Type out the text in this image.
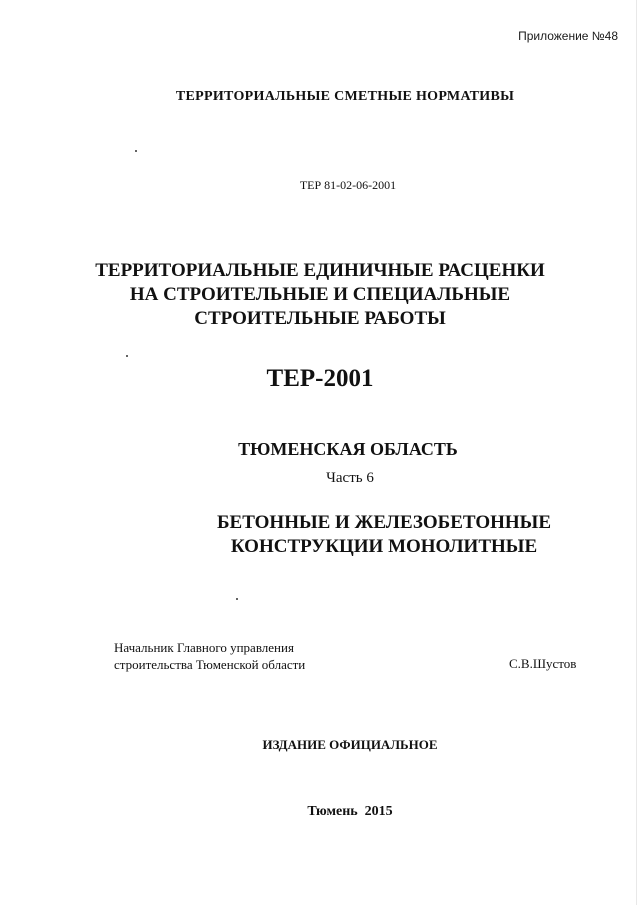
Приложение №48
ТЕРРИТОРИАЛЬНЫЕ СМЕТНЫЕ НОРМАТИВЫ
ТЕР 81-02-06-2001
ТЕРРИТОРИАЛЬНЫЕ ЕДИНИЧНЫЕ РАСЦЕНКИ
НА СТРОИТЕЛЬНЫЕ И СПЕЦИАЛЬНЫЕ
СТРОИТЕЛЬНЫЕ РАБОТЫ
ТЕР-2001
ТЮМЕНСКАЯ ОБЛАСТЬ
Часть 6
БЕТОННЫЕ И ЖЕЛЕЗОБЕТОННЫЕ
КОНСТРУКЦИИ МОНОЛИТНЫЕ
Начальник Главного управления
строительства Тюменской области	С.В.Шустов
ИЗДАНИЕ ОФИЦИАЛЬНОЕ
Тюмень  2015
